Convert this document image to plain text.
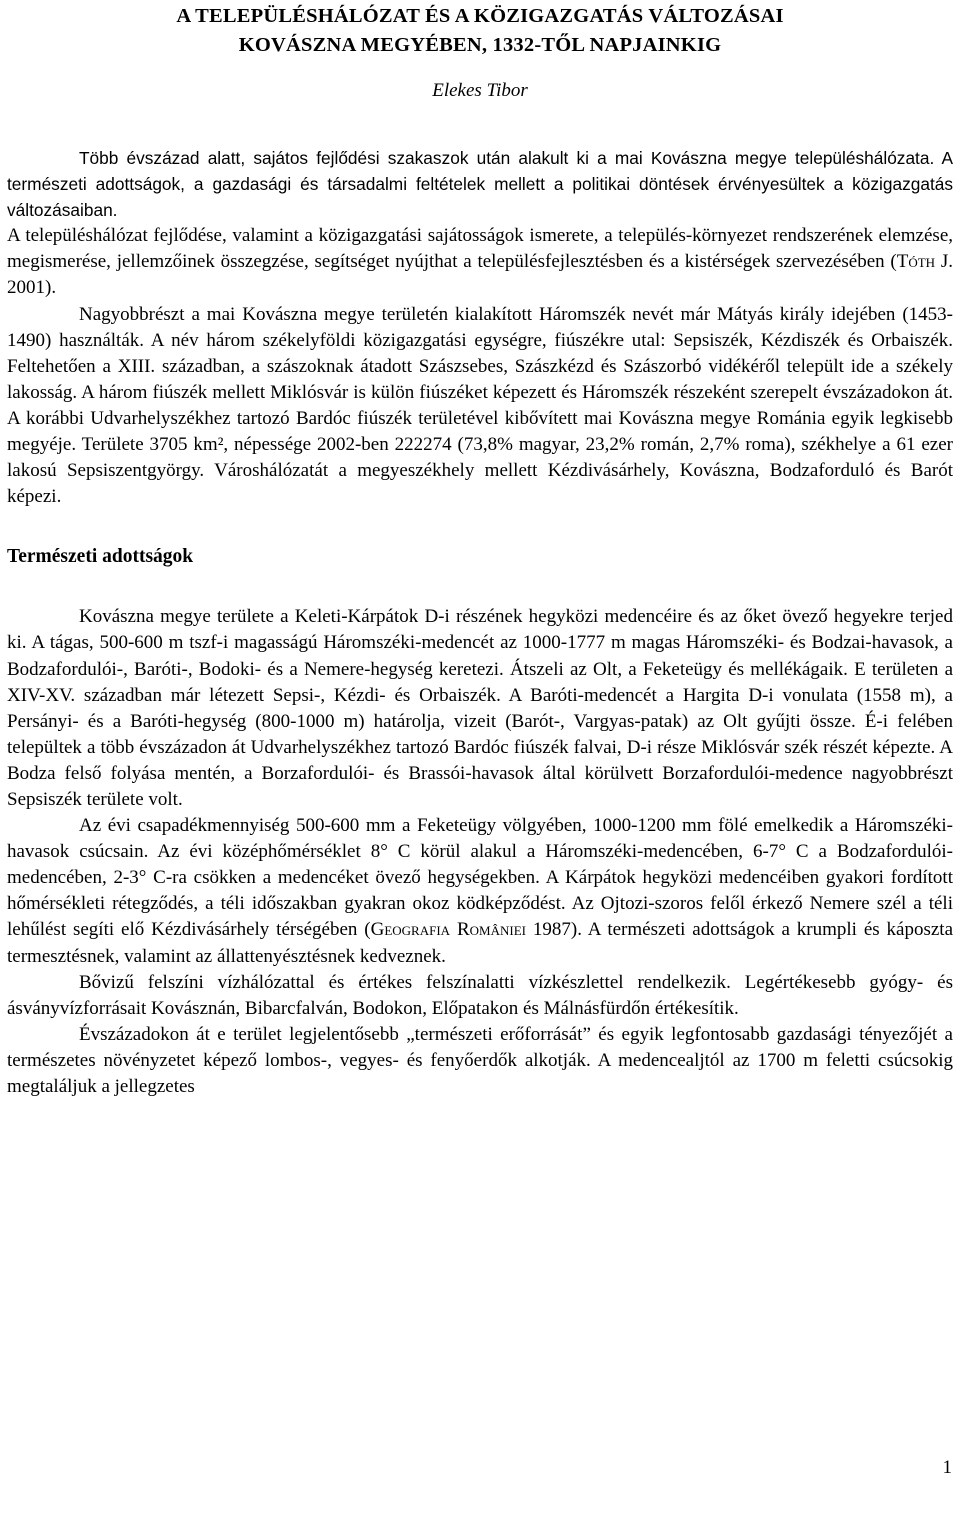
A TELEPÜLÉSHÁLÓZAT ÉS A KÖZIGAZGATÁS VÁLTOZÁSAI
KOVÁSZNA MEGYÉBEN, 1332-TŐL NAPJAINKIG
Elekes Tibor

Több évszázad alatt, sajátos fejlődési szakaszok után alakult ki a mai Kovászna megye településhálózata. A természeti adottságok, a gazdasági és társadalmi feltételek mellett a politikai döntések érvényesültek a közigazgatás változásaiban.

A településhálózat fejlődése, valamint a közigazgatási sajátosságok ismerete, a település-környezet rendszerének elemzése, megismerése, jellemzőinek összegzése, segítséget nyújthat a településfejlesztésben és a kistérségek szervezésében (Tóth J. 2001).

Nagyobbrészt a mai Kovászna megye területén kialakított Háromszék nevét már Mátyás király idejében (1453-1490) használták. A név három székelyföldi közigazgatási egységre, fiúszékre utal: Sepsiszék, Kézdiszék és Orbaiszék. Feltehetően a XIII. században, a szászoknak átadott Szászsebes, Szászkézd és Szászorbó vidékéről települt ide a székely lakosság. A három fiúszék mellett Miklósvár is külön fiúszéket képezett és Háromszék részeként szerepelt évszázadokon át. A korábbi Udvarhelyszékhez tartozó Bardóc fiúszék területével kibővített mai Kovászna megye Románia egyik legkisebb megyéje. Területe 3705 km², népessége 2002-ben 222274 (73,8% magyar, 23,2% román, 2,7% roma), székhelye a 61 ezer lakosú Sepsiszentgyörgy. Városhálózatát a megyeszékhely mellett Kézdivásárhely, Kovászna, Bodzaforduló és Barót képezi.

Természeti adottságok

Kovászna megye területe a Keleti-Kárpátok D-i részének hegyközi medencéire és az őket övező hegyekre terjed ki. A tágas, 500-600 m tszf-i magasságú Háromszéki-medencét az 1000-1777 m magas Háromszéki- és Bodzai-havasok, a Bodzafordulói-, Baróti-, Bodoki- és a Nemere-hegység keretezi. Átszeli az Olt, a Feketeügy és mellékágaik. E területen a XIV-XV. században már létezett Sepsi-, Kézdi- és Orbaiszék. A Baróti-medencét a Hargita D-i vonulata (1558 m), a Persányi- és a Baróti-hegység (800-1000 m) határolja, vizeit (Barót-, Vargyas-patak) az Olt gyűjti össze. É-i felében települtek a több évszázadon át Udvarhelyszékhez tartozó Bardóc fiúszék falvai, D-i része Miklósvár szék részét képezte. A Bodza felső folyása mentén, a Borzafordulói- és Brassói-havasok által körülvett Borzafordulói-medence nagyobbrészt Sepsiszék területe volt.

Az évi csapadékmennyiség 500-600 mm a Feketeügy völgyében, 1000-1200 mm fölé emelkedik a Háromszéki-havasok csúcsain. Az évi középhőmérséklet 8° C körül alakul a Háromszéki-medencében, 6-7° C a Bodzafordulói-medencében, 2-3° C-ra csökken a medencéket övező hegységekben. A Kárpátok hegyközi medencéiben gyakori fordított hőmérsékleti rétegződés, a téli időszakban gyakran okoz ködképződést. Az Ojtozi-szoros felől érkező Nemere szél a téli lehűlést segíti elő Kézdivásárhely térségében (Geografia României 1987). A természeti adottságok a krumpli és káposzta termesztésnek, valamint az állattenyésztésnek kedveznek.

Bővizű felszíni vízhálózattal és értékes felszínalatti vízkészlettel rendelkezik. Legértékesebb gyógy- és ásványvízforrásait Kovásznán, Bibarcfalván, Bodokon, Előpatakon és Málnásfürdőn értékesítik.

Évszázadokon át e terület legjelentősebb „természeti erőforrását” és egyik legfontosabb gazdasági tényezőjét a természetes növényzetet képező lombos-, vegyes- és fenyőerdők alkotják. A medencealjtól az 1700 m feletti csúcsokig megtaláljuk a jellegzetes

1
